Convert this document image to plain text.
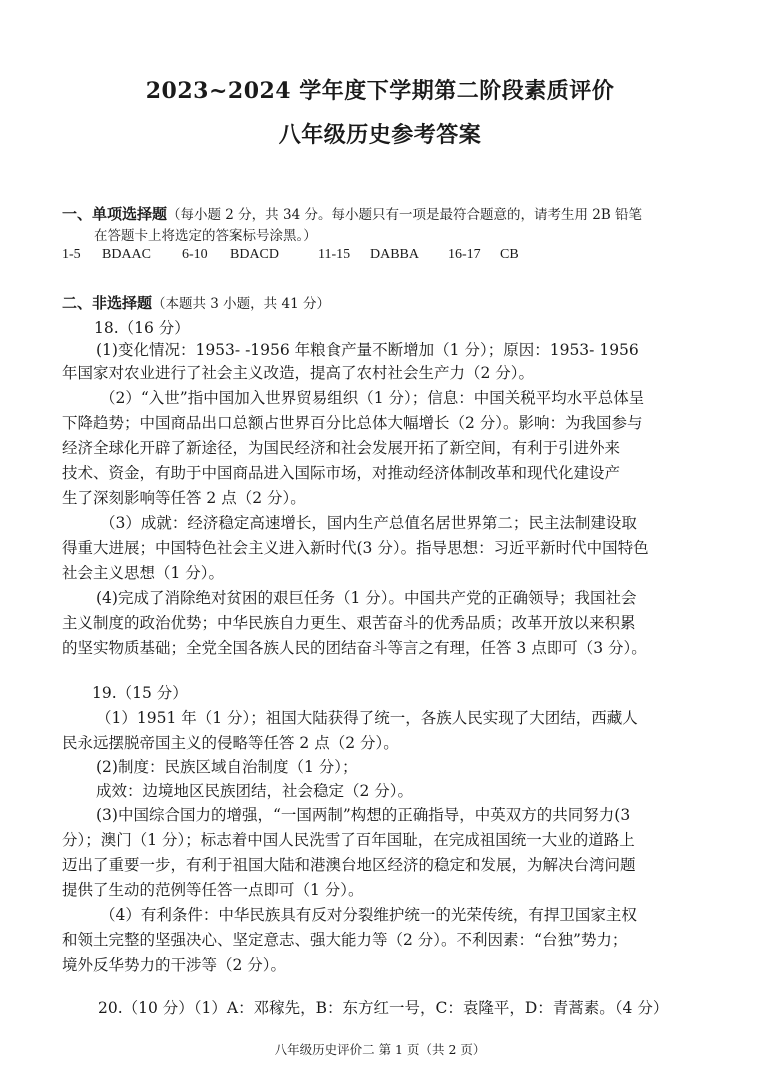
2023~2024 学年度下学期第二阶段素质评价
八年级历史参考答案
一、单项选择题（每小题 2 分，共 34 分。每小题只有一项是最符合题意的，请考生用 2B 铅笔
在答题卡上将选定的答案标号涂黑。）
1-5 BDAAC 6-10 BDACD	11-15 DABBA 16-17 CB
二、非选择题（本题共 3 小题，共 41 分）
18.（16 分）
(1)变化情况：1953- -1956 年粮食产量不断增加（1 分）；原因：1953- 1956
年国家对农业进行了社会主义改造，提高了农村社会生产力（2 分）。
（2）“入世”指中国加入世界贸易组织（1 分）；信息：中国关税平均水平总体呈
下降趋势；中国商品出口总额占世界百分比总体大幅增长（2 分）。影响：为我国参与
经济全球化开辟了新途径，为国民经济和社会发展开拓了新空间，有利于引进外来
技术、资金，有助于中国商品进入国际市场，对推动经济体制改革和现代化建设产
生了深刻影响等任答 2 点（2 分）。
（3）成就：经济稳定高速增长，国内生产总值名居世界第二；民主法制建设取
得重大进展；中国特色社会主义进入新时代(3 分）。指导思想：习近平新时代中国特色
社会主义思想（1 分）。
(4)完成了消除绝对贫困的艰巨任务（1 分）。中国共产党的正确领导；我国社会
主义制度的政治优势；中华民族自力更生、艰苦奋斗的优秀品质；改革开放以来积累
的坚实物质基础；全党全国各族人民的团结奋斗等言之有理，任答 3 点即可（3 分）。
19.（15 分）
（1）1951 年（1 分）；祖国大陆获得了统一，各族人民实现了大团结，西藏人
民永远摆脱帝国主义的侵略等任答 2 点（2 分）。
(2)制度：民族区域自治制度（1 分）；
成效：边境地区民族团结，社会稳定（2 分）。
(3)中国综合国力的增强，“一国两制”构想的正确指导，中英双方的共同努力(3
分）；澳门（1 分）；标志着中国人民洗雪了百年国耻，在完成祖国统一大业的道路上
迈出了重要一步，有利于祖国大陆和港澳台地区经济的稳定和发展，为解决台湾问题
提供了生动的范例等任答一点即可（1 分）。
（4）有利条件：中华民族具有反对分裂维护统一的光荣传统，有捍卫国家主权
和领土完整的坚强决心、坚定意志、强大能力等（2 分）。不利因素：“台独”势力；
境外反华势力的干涉等（2 分）。
20.（10 分）（1）A：邓稼先，B：东方红一号，C：袁隆平，D：青蒿素。（4 分）
八年级历史评价二 第 1 页（共 2 页）
